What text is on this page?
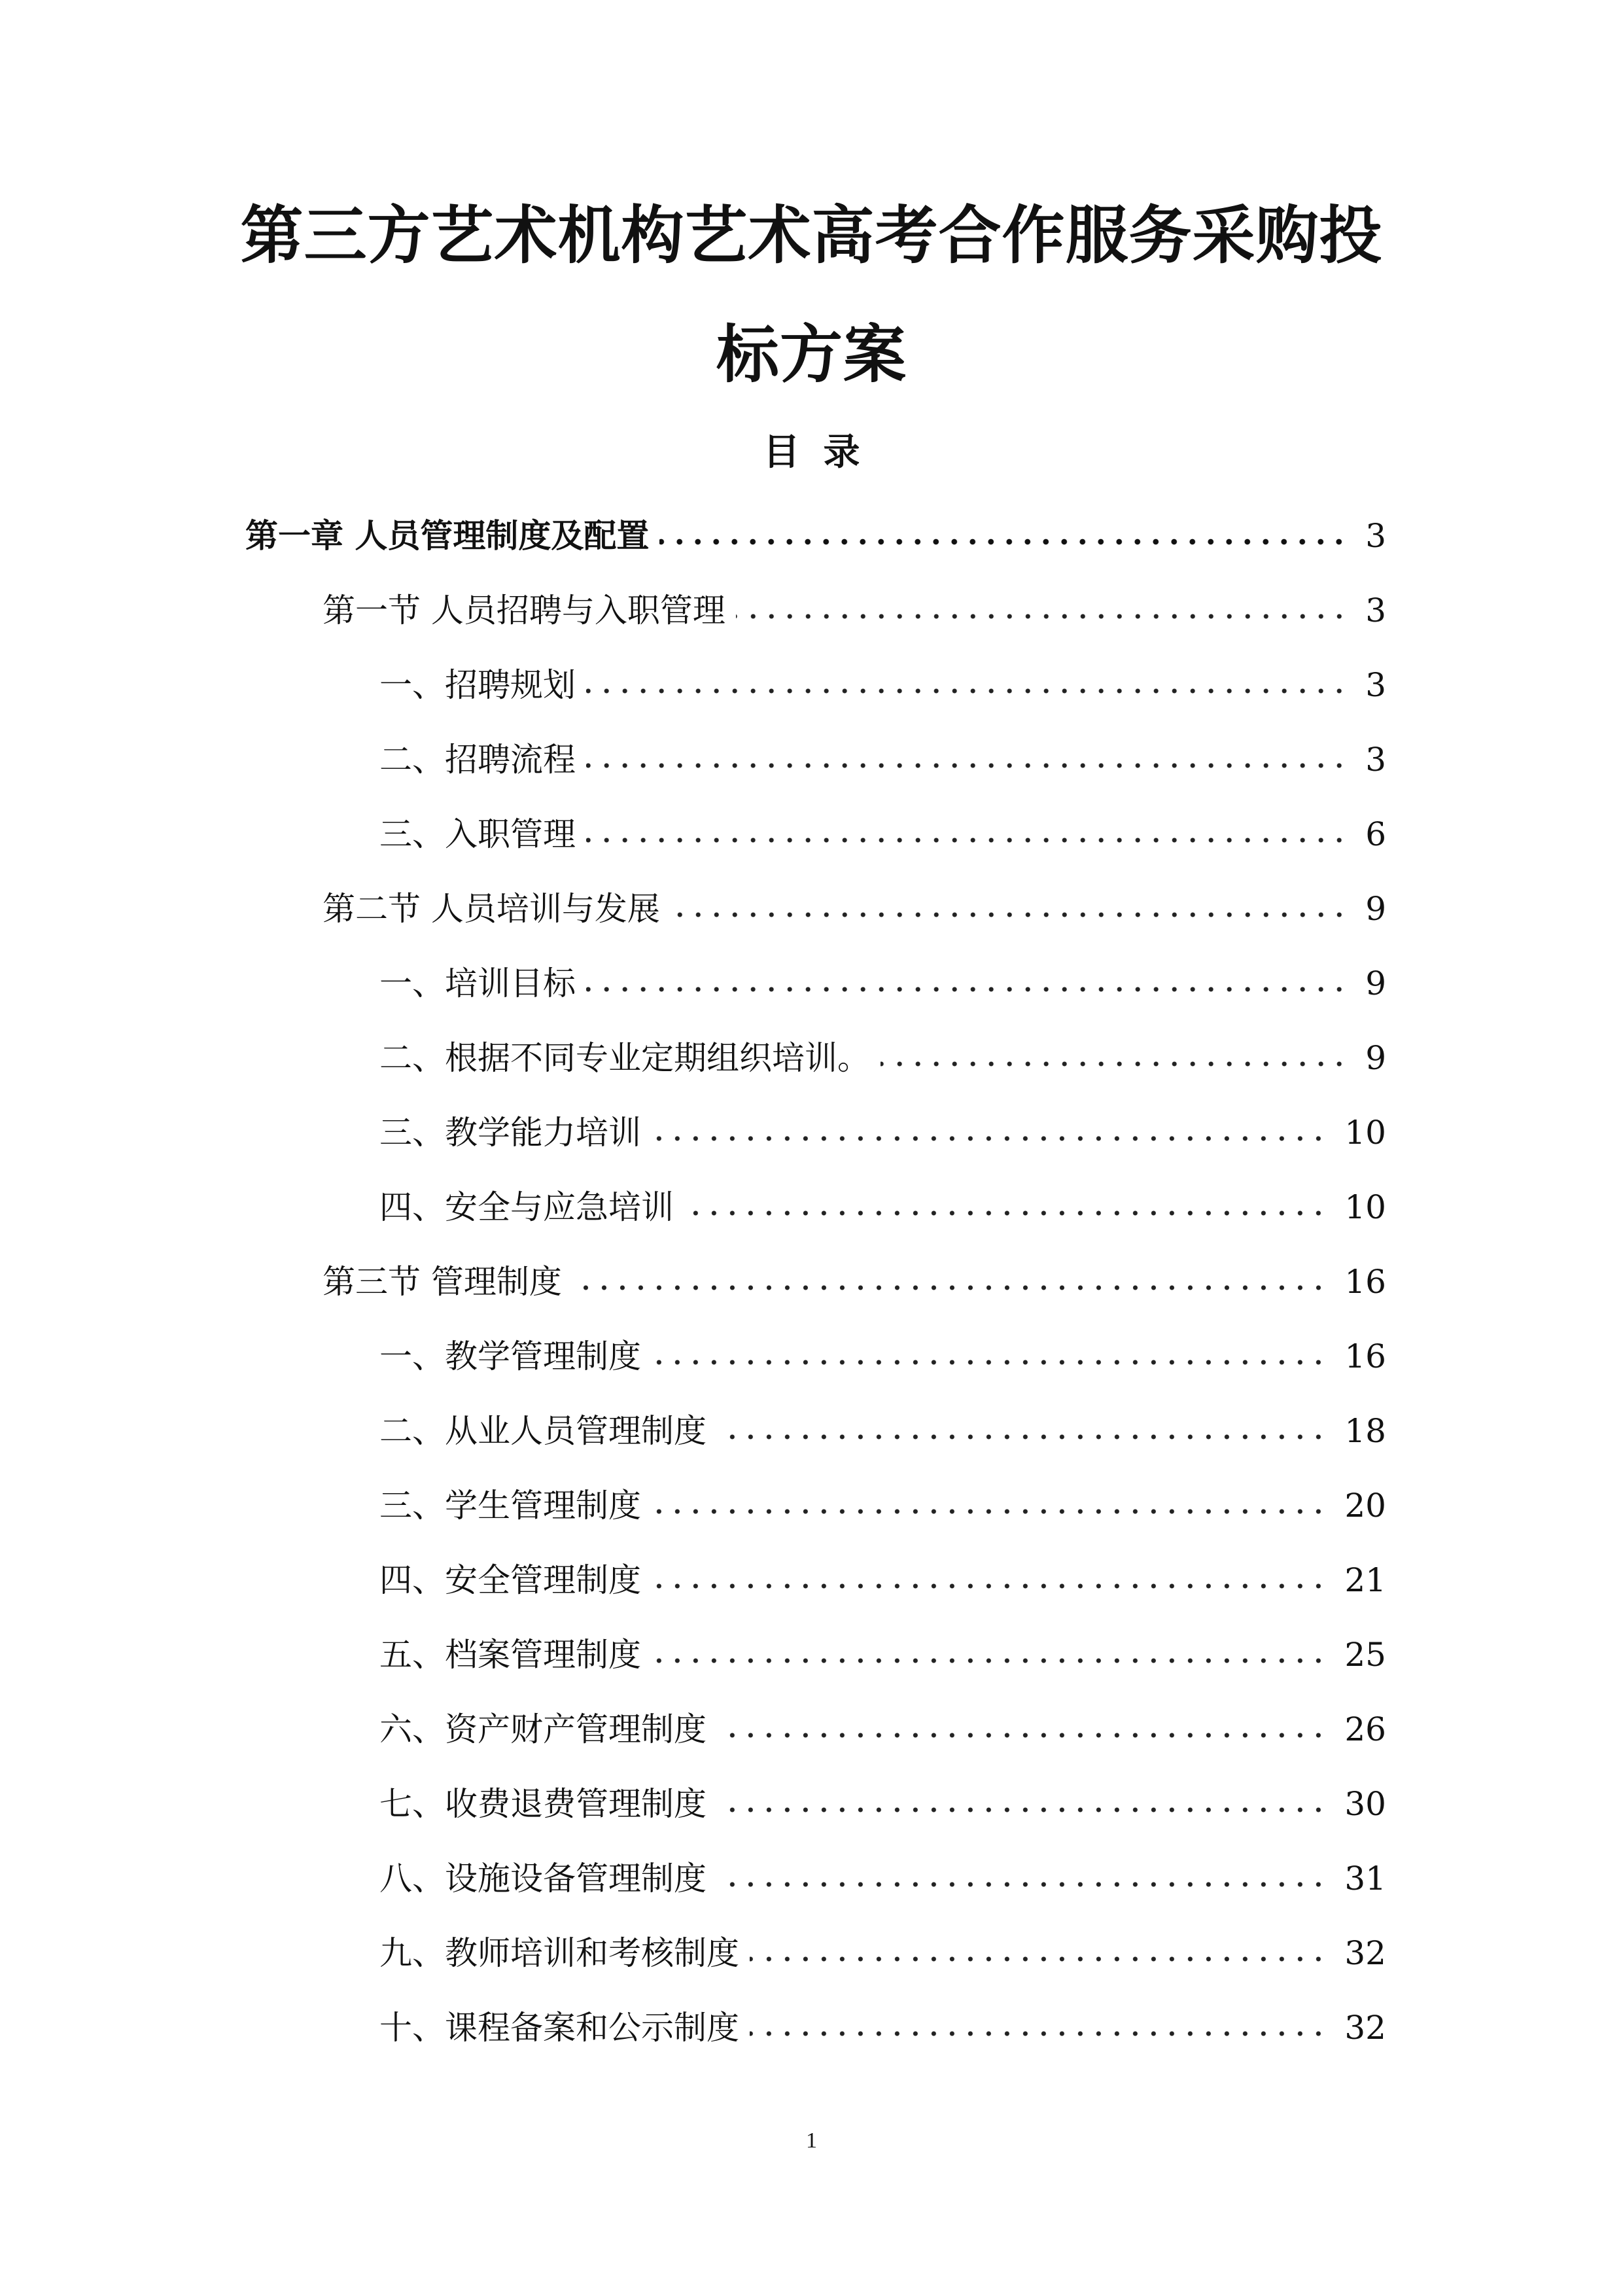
第三方艺术机构艺术高考合作服务采购投
标方案
目 录
第一章 人员管理制度及配置	3
第一节 人员招聘与入职管理	3
一、招聘规划	3
二、招聘流程	3
三、入职管理	6
第二节 人员培训与发展	9
一、培训目标	9
二、根据不同专业定期组织培训。	9
三、教学能力培训	10
四、安全与应急培训	10
第三节 管理制度	16
一、教学管理制度	16
二、从业人员管理制度	18
三、学生管理制度	20
四、安全管理制度	21
五、档案管理制度	25
六、资产财产管理制度	26
七、收费退费管理制度	30
八、设施设备管理制度	31
九、教师培训和考核制度	32
十、课程备案和公示制度	32
1
